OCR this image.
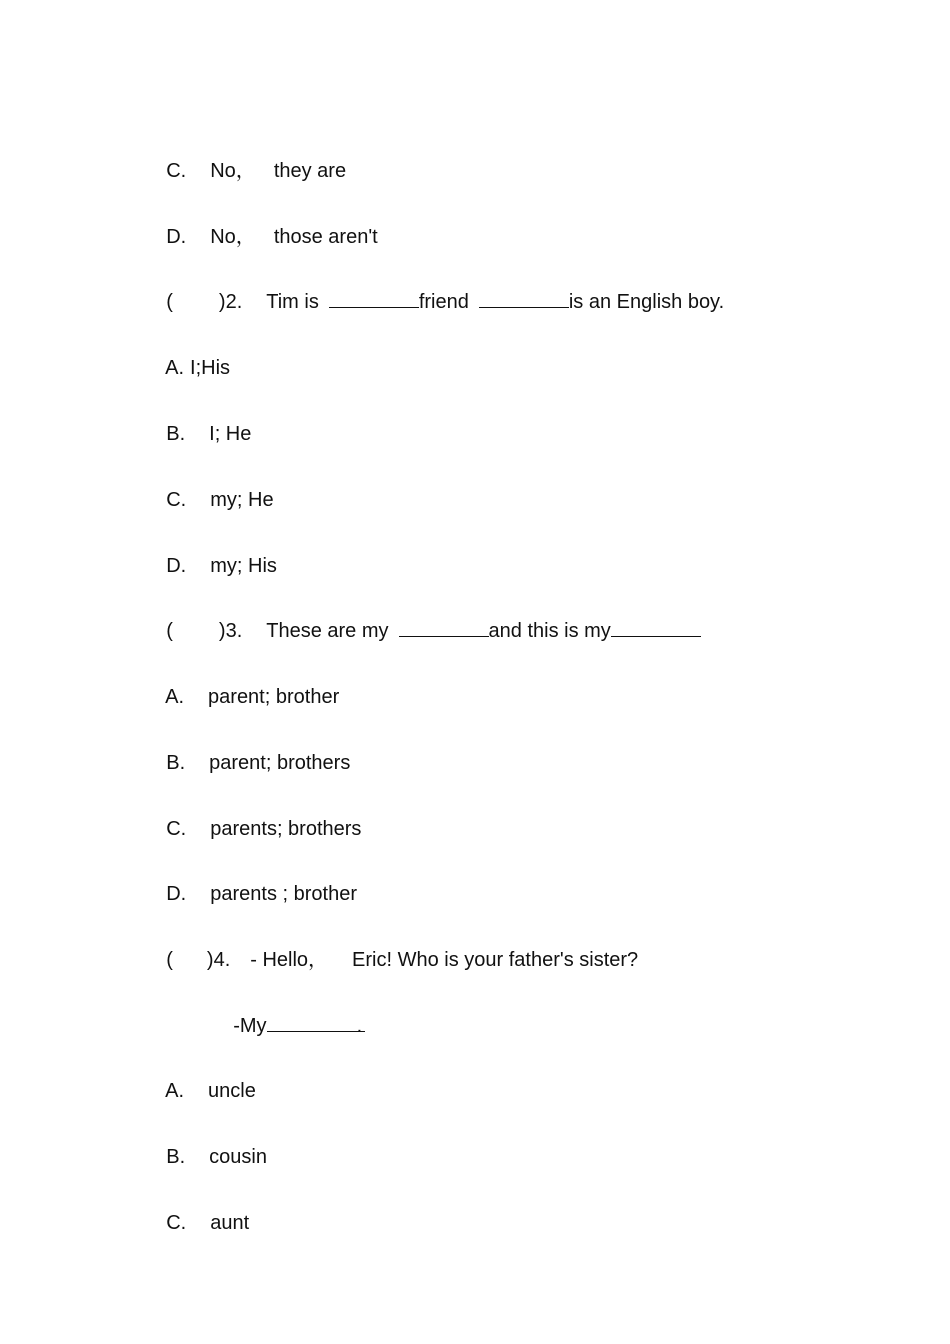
C. No， they are

D. No， those aren't

( )2. Tim is	friend	is an English boy.

A. I;His

B. I; He

C. my; He

D. my; His

( )3. These are my	and this is my

A. parent; brother

B. parent; brothers

C. parents; brothers

D. parents ; brother

( )4. - Hello， Eric! Who is your father's sister?

-My	.

A. uncle

B. cousin

C. aunt
